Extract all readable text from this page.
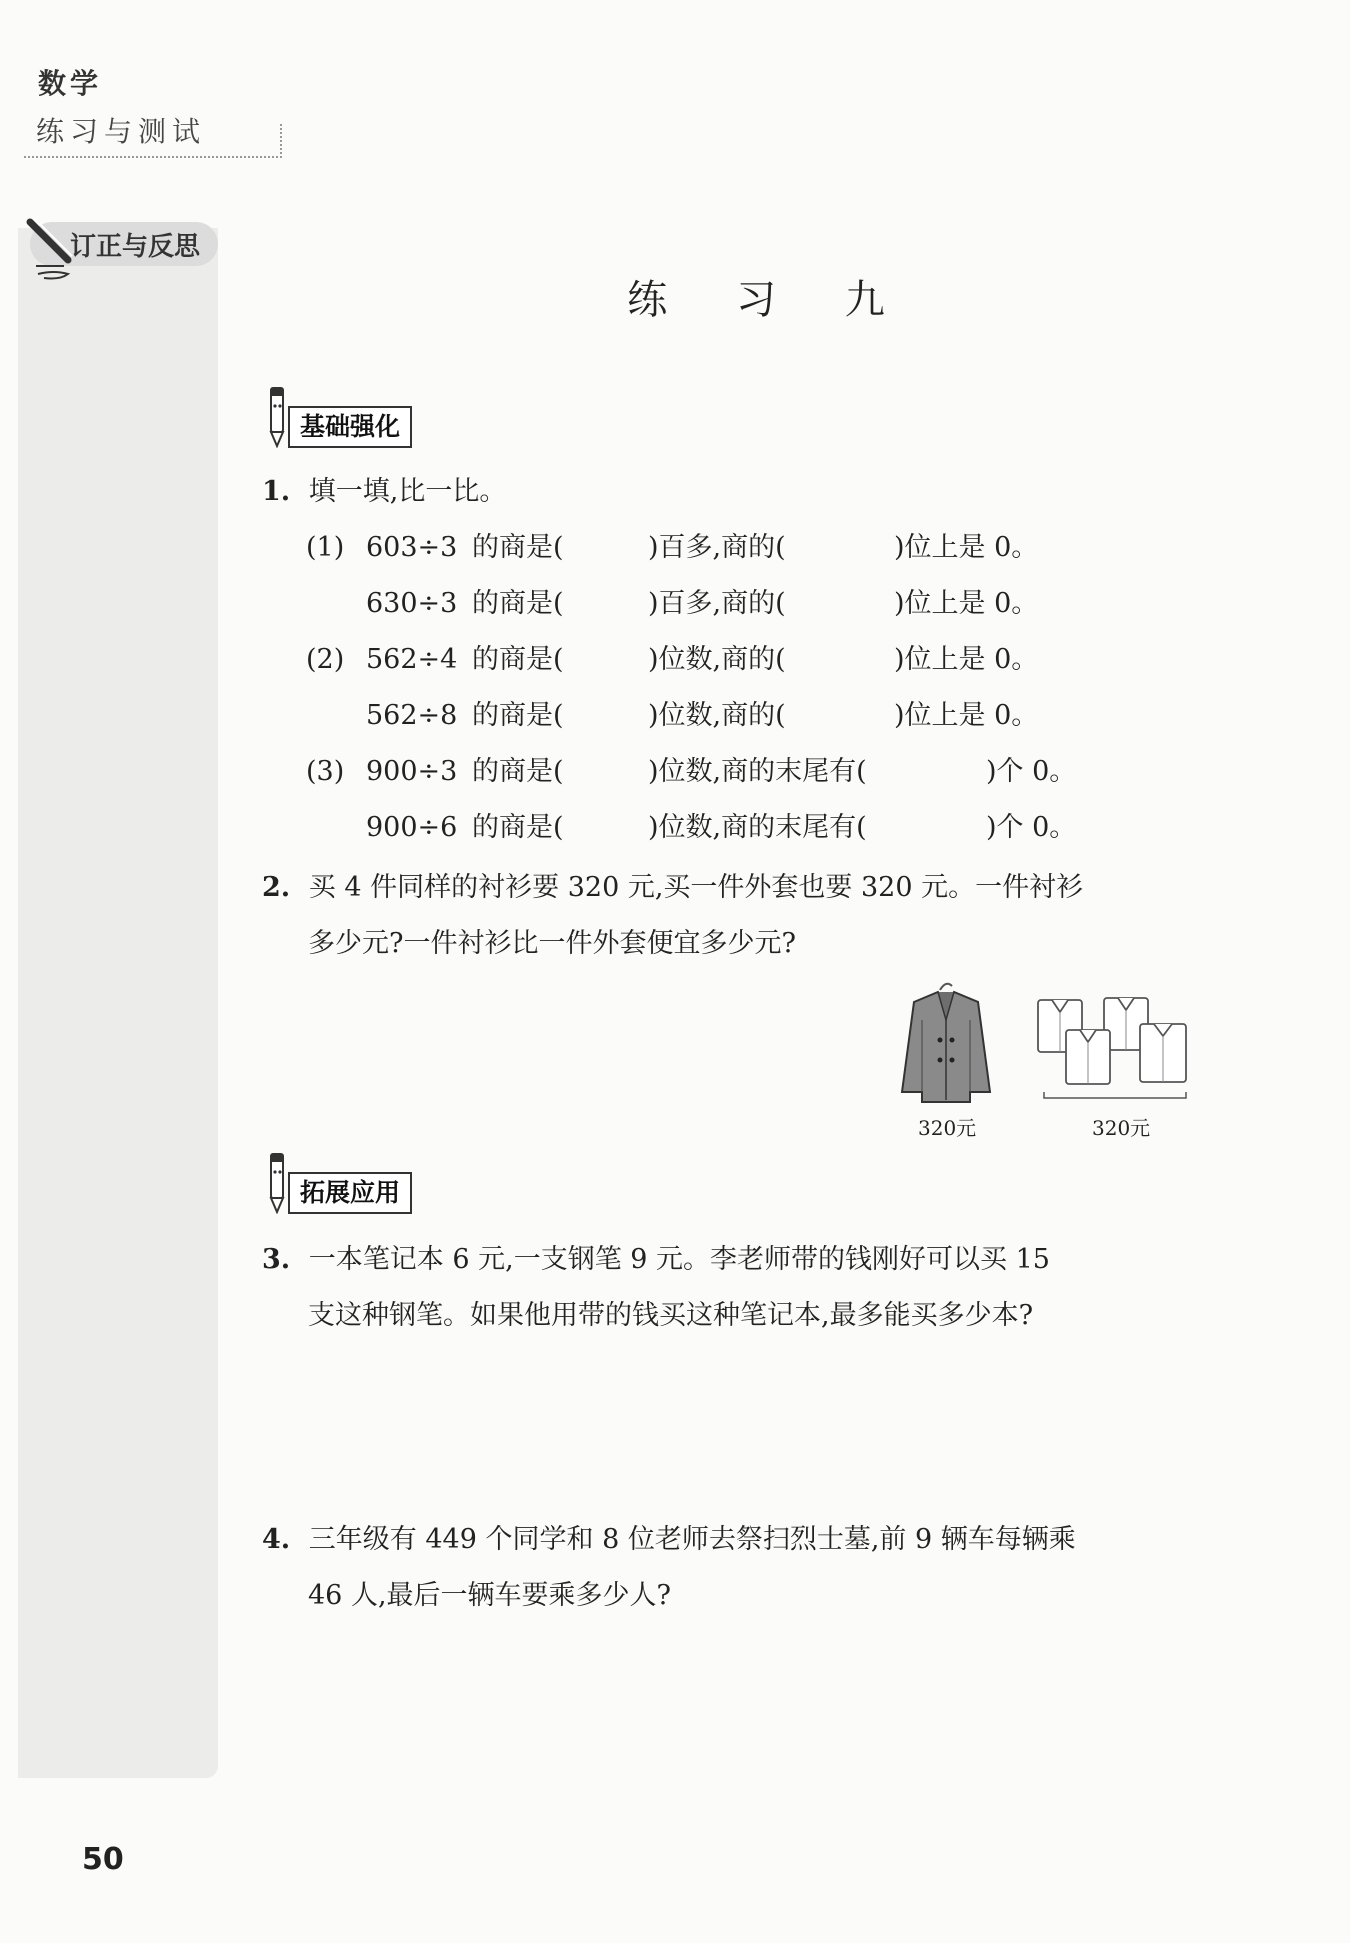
数学
练习与测试
订正与反思
练 习 九
基础强化
1. 填一填,比一比。
(1) 603÷3 的商是(	)百多,商的(	)位上是 0。
630÷3 的商是(	)百多,商的(	)位上是 0。
(2) 562÷4 的商是(	)位数,商的(	)位上是 0。
562÷8 的商是(	)位数,商的(	)位上是 0。
(3) 900÷3 的商是(	)位数,商的末尾有(	)个 0。
900÷6 的商是(	)位数,商的末尾有(	)个 0。
2. 买 4 件同样的衬衫要 320 元,买一件外套也要 320 元。一件衬衫
多少元?一件衬衫比一件外套便宜多少元?
320元	320元
拓展应用
3. 一本笔记本 6 元,一支钢笔 9 元。李老师带的钱刚好可以买 15
支这种钢笔。如果他用带的钱买这种笔记本,最多能买多少本?
4. 三年级有 449 个同学和 8 位老师去祭扫烈士墓,前 9 辆车每辆乘
46 人,最后一辆车要乘多少人?
50
